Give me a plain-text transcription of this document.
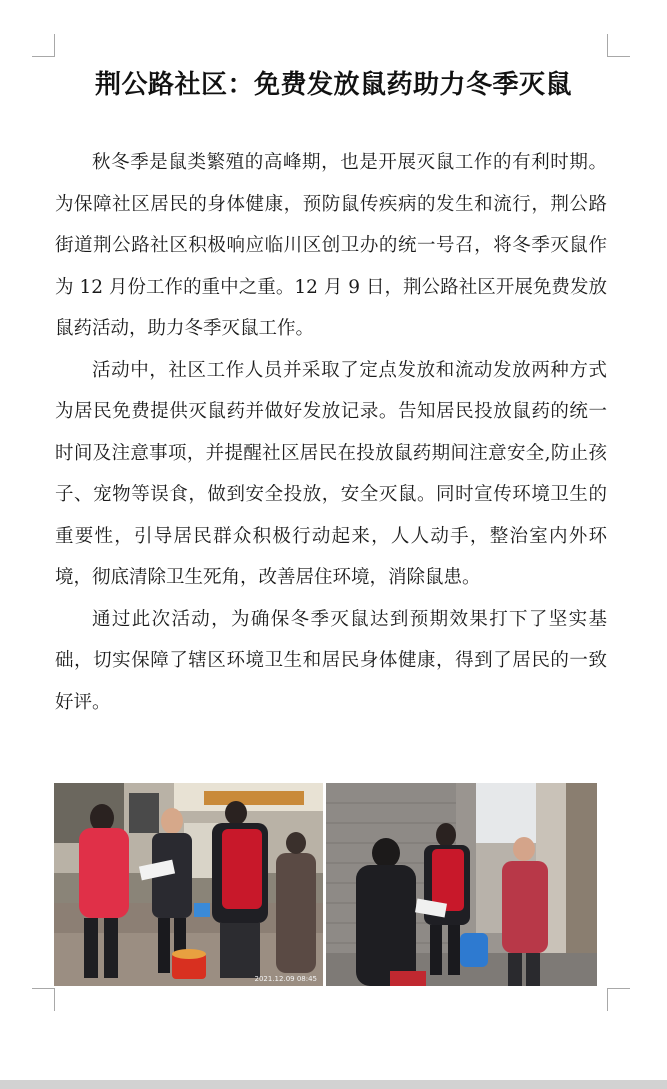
荆公路社区：免费发放鼠药助力冬季灭鼠

秋冬季是鼠类繁殖的高峰期，也是开展灭鼠工作的有利时期。为保障社区居民的身体健康，预防鼠传疾病的发生和流行，荆公路街道荆公路社区积极响应临川区创卫办的统一号召，将冬季灭鼠作为 12 月份工作的重中之重。12 月 9 日，荆公路社区开展免费发放鼠药活动，助力冬季灭鼠工作。

活动中，社区工作人员并采取了定点发放和流动发放两种方式为居民免费提供灭鼠药并做好发放记录。告知居民投放鼠药的统一时间及注意事项，并提醒社区居民在投放鼠药期间注意安全,防止孩子、宠物等误食，做到安全投放，安全灭鼠。同时宣传环境卫生的重要性，引导居民群众积极行动起来，人人动手，整治室内外环境，彻底清除卫生死角，改善居住环境，消除鼠患。

通过此次活动，为确保冬季灭鼠达到预期效果打下了坚实基础，切实保障了辖区环境卫生和居民身体健康，得到了居民的一致好评。

2021.12.09 08:45
